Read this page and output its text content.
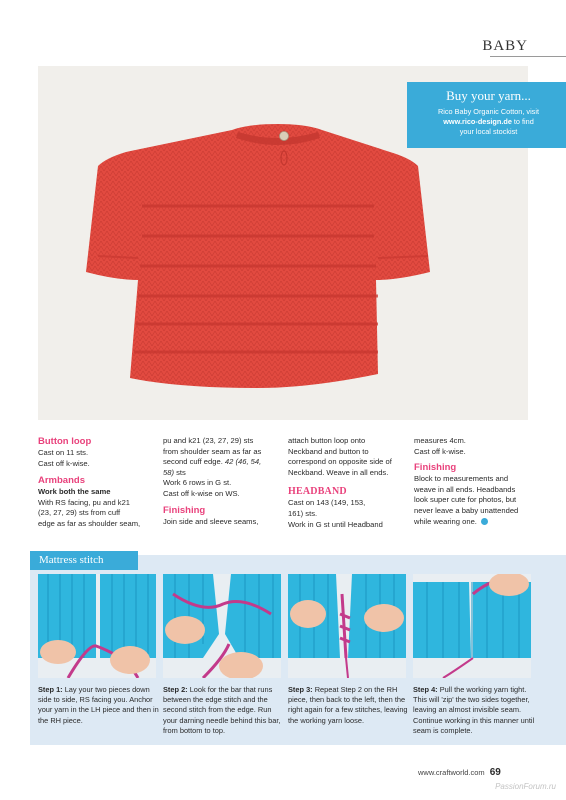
BABY
Buy your yarn...
Rico Baby Organic Cotton, visit
www.rico-design.de to find
your local stockist

Button loop

Cast on 11 sts.

Cast off k-wise.

Armbands

Work both the same

With RS facing, pu and k21

(23, 27, 29) sts from cuff

edge as far as shoulder seam,

pu and k21 (23, 27, 29) sts

from shoulder seam as far as

second cuff edge. 42 (46, 54,

58) sts

Work 6 rows in G st.

Cast off k-wise on WS.

Finishing

Join side and sleeve seams,

attach button loop onto

Neckband and button to

correspond on opposite side of

Neckband. Weave in all ends.

HEADBAND

Cast on 143 (149, 153,

161) sts.

Work in G st until Headband

measures 4cm.

Cast off k-wise.

Finishing

Block to measurements and

weave in all ends. Headbands

look super cute for photos, but

never leave a baby unattended

while wearing one.

Mattress stitch
Step 1: Lay your two pieces down side to side, RS facing you. Anchor your yarn in the LH piece and then in the RH piece.
Step 2: Look for the bar that runs between the edge stitch and the second stitch from the edge. Run your darning needle behind this bar, from bottom to top.
Step 3: Repeat Step 2 on the RH piece, then back to the left, then the right again for a few stitches, leaving the working yarn loose.
Step 4: Pull the working yarn tight. This will 'zip' the two sides together, leaving an almost invisible seam. Continue working in this manner until seam is complete.
www.craftworld.com 69
PassionForum.ru
